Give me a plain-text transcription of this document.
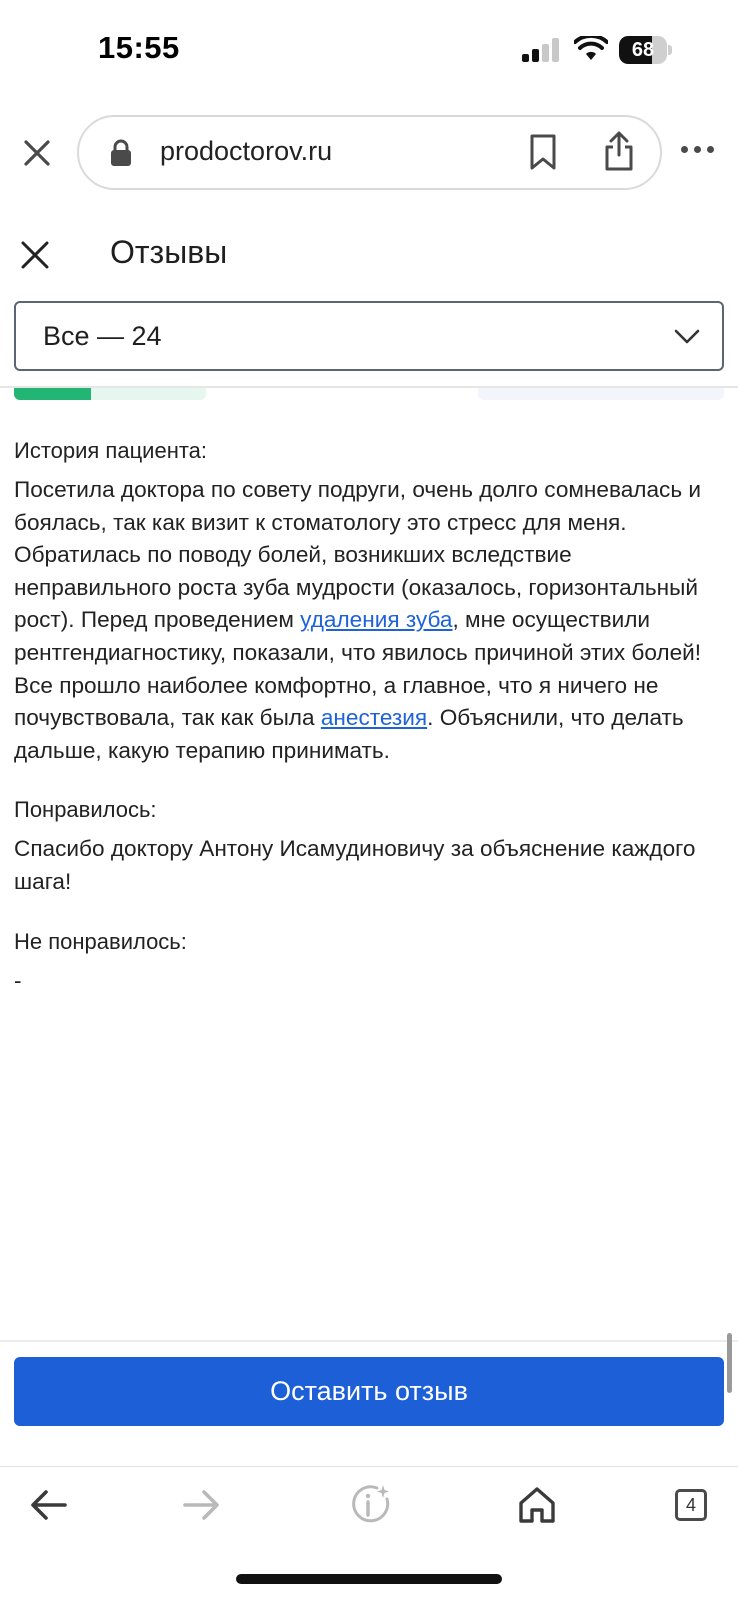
15:55	68
prodoctorov.ru
Отзывы
Все — 24
История пациента:
Посетила доктора по совету подруги, очень долго сомневалась и боялась, так как визит к стоматологу это стресс для меня. Обратилась по поводу болей, возникших вследствие неправильного роста зуба мудрости (оказалось, горизонтальный рост). Перед проведением удаления зуба, мне осуществили рентгендиагностику, показали, что явилось причиной этих болей! Все прошло наиболее комфортно, а главное, что я ничего не почувствовала, так как была анестезия. Объяснили, что делать дальше, какую терапию принимать.
Понравилось:
Спасибо доктору Антону Исамудиновичу за объяснение каждого шага!
Не понравилось:
-
Оставить отзыв
4
